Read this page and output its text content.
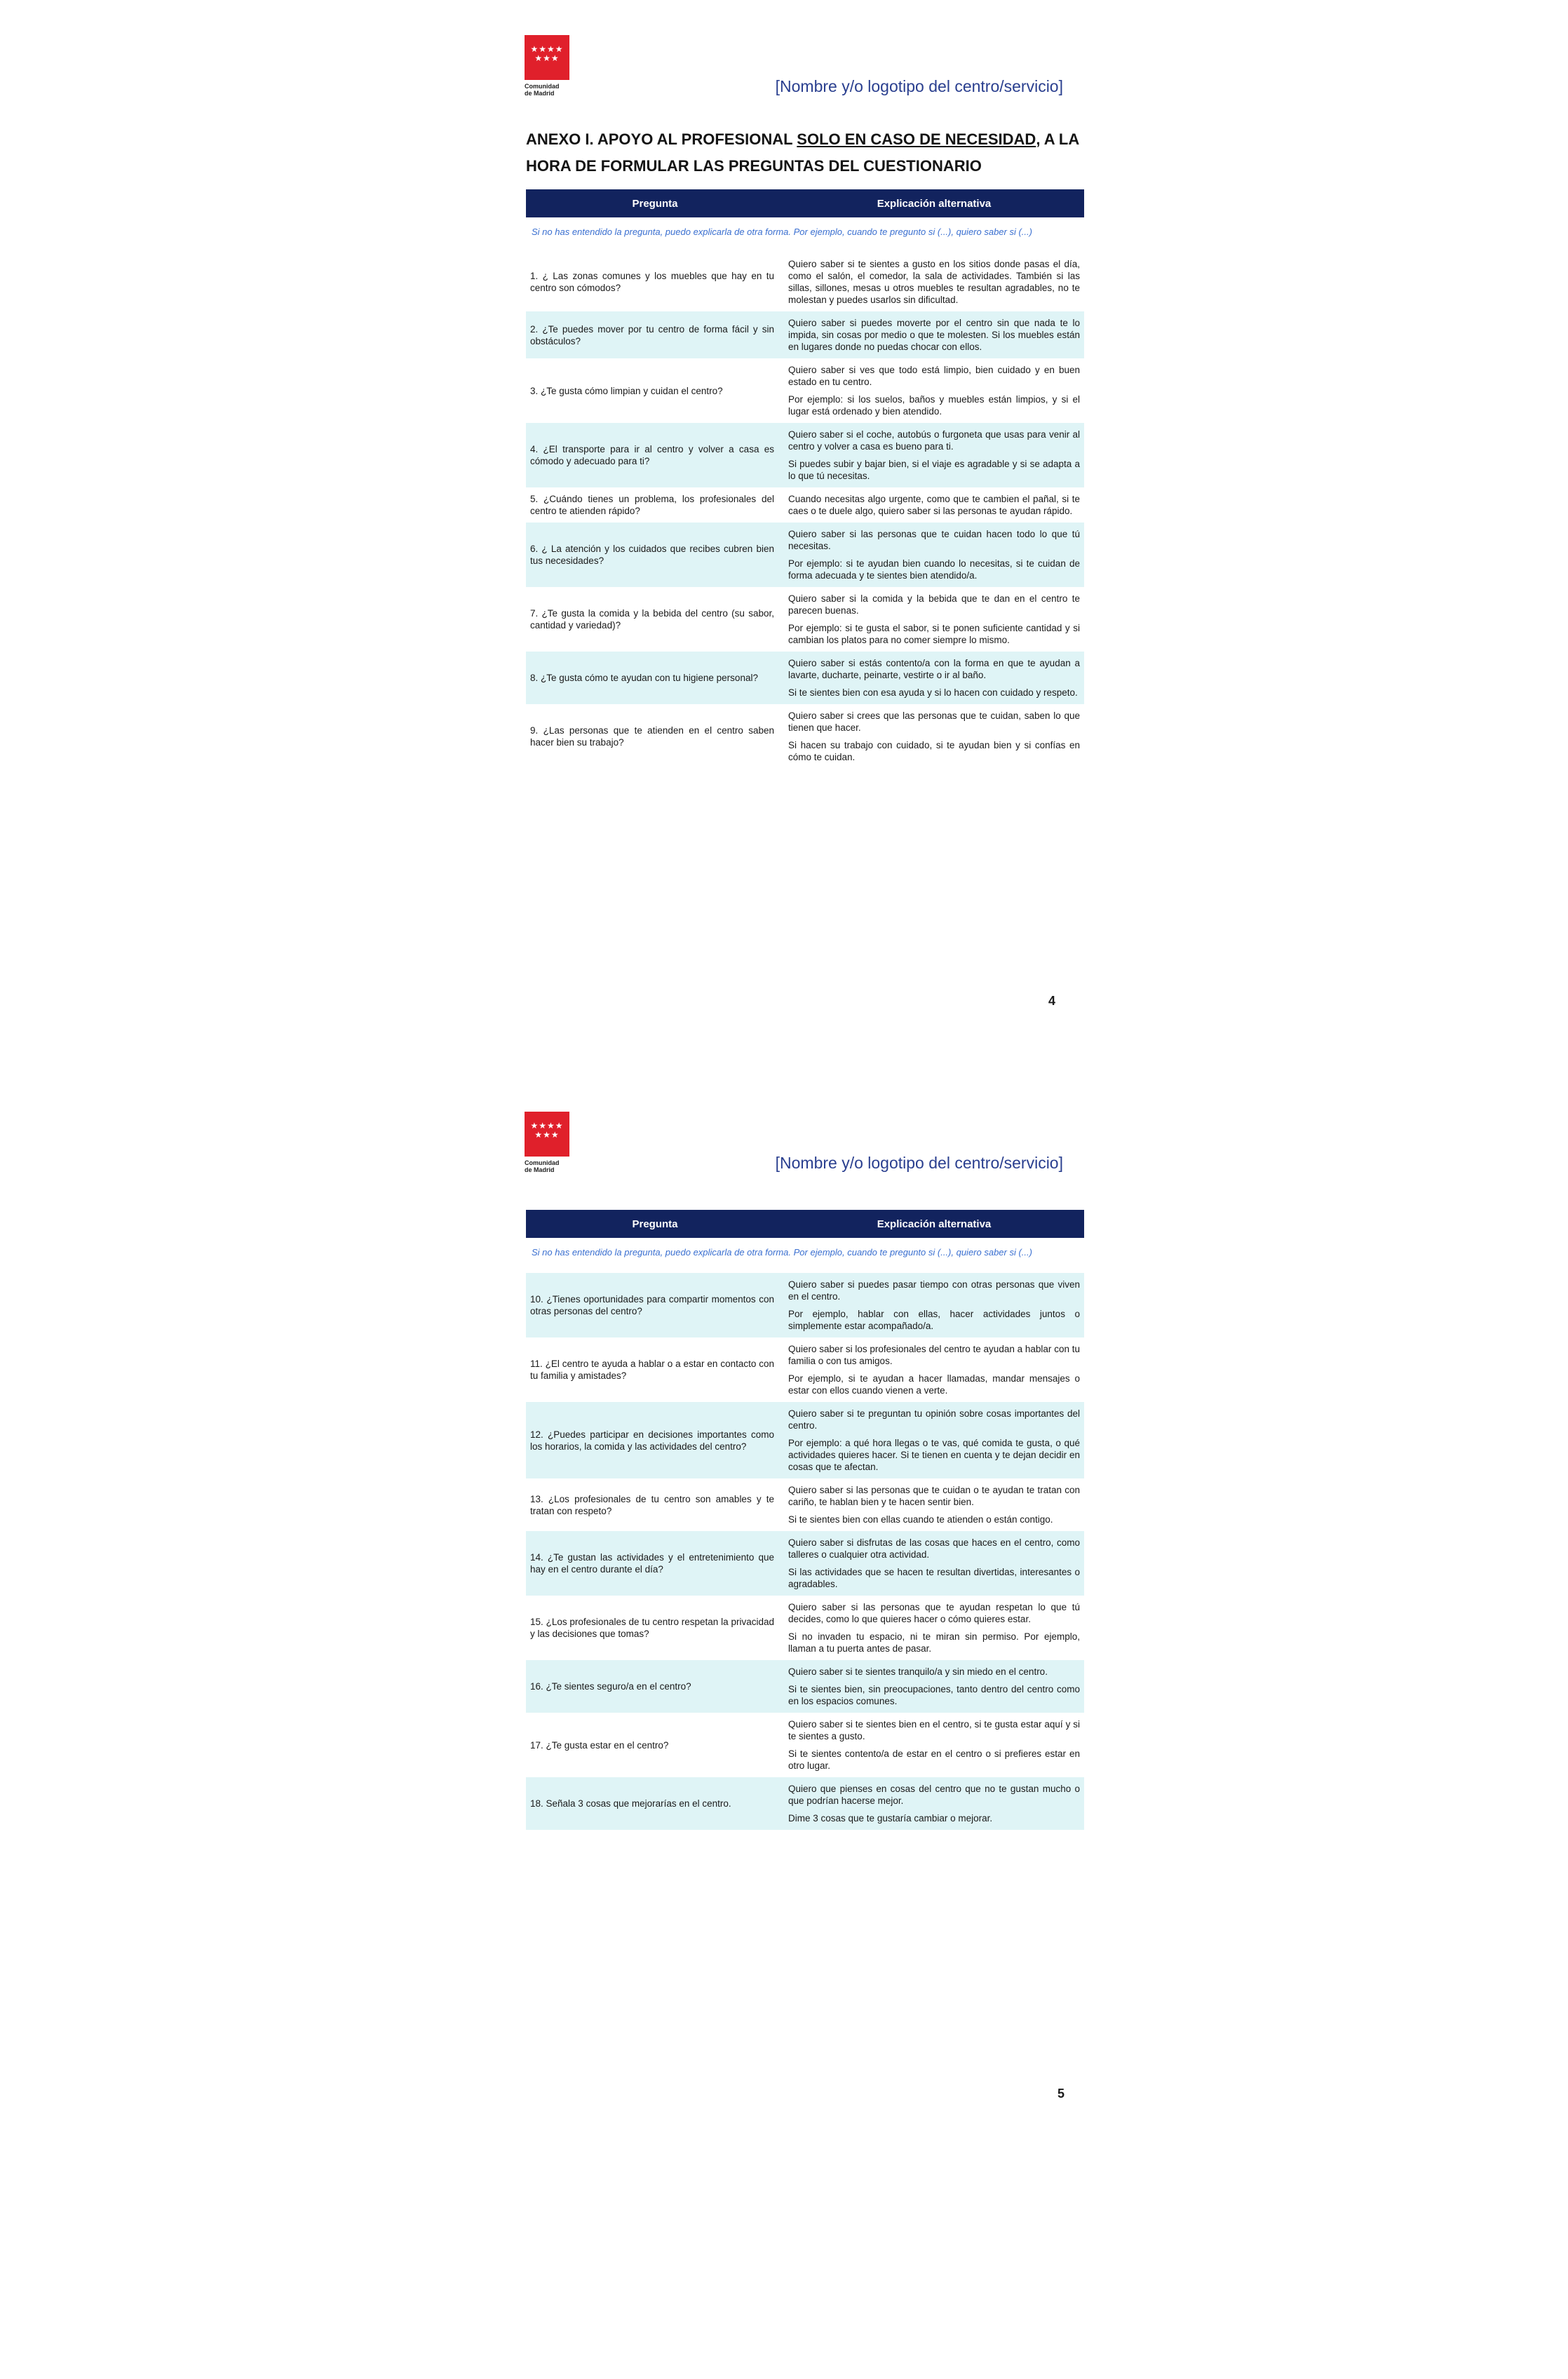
★★★★ ★★★
Comunidad
de Madrid	[Nombre y/o logotipo del centro/servicio]
ANEXO I. APOYO AL PROFESIONAL SOLO EN CASO DE NECESIDAD, A LA HORA DE FORMULAR LAS PREGUNTAS DEL CUESTIONARIO
Pregunta	Explicación alternativa
Si no has entendido la pregunta, puedo explicarla de otra forma. Por ejemplo, cuando te pregunto si (...), quiero saber si (...)	
1. ¿ Las zonas comunes y los muebles que hay en tu centro son cómodos?	Quiero saber si te sientes a gusto en los sitios donde pasas el día, como el salón, el comedor, la sala de actividades. También si las sillas, sillones, mesas u otros muebles te resultan agradables, no te molestan y puedes usarlos sin dificultad.

2. ¿Te puedes mover por tu centro de forma fácil y sin obstáculos?	Quiero saber si puedes moverte por el centro sin que nada te lo impida, sin cosas por medio o que te molesten. Si los muebles están en lugares donde no puedas chocar con ellos.

3. ¿Te gusta cómo limpian y cuidan el centro?	Quiero saber si ves que todo está limpio, bien cuidado y en buen estado en tu centro.

Por ejemplo: si los suelos, baños y muebles están limpios, y si el lugar está ordenado y bien atendido.

4. ¿El transporte para ir al centro y volver a casa es cómodo y adecuado para ti?	Quiero saber si el coche, autobús o furgoneta que usas para venir al centro y volver a casa es bueno para ti.

Si puedes subir y bajar bien, si el viaje es agradable y si se adapta a lo que tú necesitas.

5. ¿Cuándo tienes un problema, los profesionales del centro te atienden rápido?	Cuando necesitas algo urgente, como que te cambien el pañal, si te caes o te duele algo, quiero saber si las personas te ayudan rápido.

6. ¿ La atención y los cuidados que recibes cubren bien tus necesidades?	Quiero saber si las personas que te cuidan hacen todo lo que tú necesitas.

Por ejemplo: si te ayudan bien cuando lo necesitas, si te cuidan de forma adecuada y te sientes bien atendido/a.

7. ¿Te gusta la comida y la bebida del centro (su sabor, cantidad y variedad)?	Quiero saber si la comida y la bebida que te dan en el centro te parecen buenas.

Por ejemplo: si te gusta el sabor, si te ponen suficiente cantidad y si cambian los platos para no comer siempre lo mismo.

8. ¿Te gusta cómo te ayudan con tu higiene personal?	Quiero saber si estás contento/a con la forma en que te ayudan a lavarte, ducharte, peinarte, vestirte o ir al baño.

Si te sientes bien con esa ayuda y si lo hacen con cuidado y respeto.

9. ¿Las personas que te atienden en el centro saben hacer bien su trabajo?	Quiero saber si crees que las personas que te cuidan, saben lo que tienen que hacer.

Si hacen su trabajo con cuidado, si te ayudan bien y si confías en cómo te cuidan.

4
★★★★ ★★★
Comunidad
de Madrid	[Nombre y/o logotipo del centro/servicio]
Pregunta	Explicación alternativa
Si no has entendido la pregunta, puedo explicarla de otra forma. Por ejemplo, cuando te pregunto si (...), quiero saber si (...)	
10. ¿Tienes oportunidades para compartir momentos con otras personas del centro?	Quiero saber si puedes pasar tiempo con otras personas que viven en el centro.

Por ejemplo, hablar con ellas, hacer actividades juntos o simplemente estar acompañado/a.

11. ¿El centro te ayuda a hablar o a estar en contacto con tu familia y amistades?	Quiero saber si los profesionales del centro te ayudan a hablar con tu familia o con tus amigos.

Por ejemplo, si te ayudan a hacer llamadas, mandar mensajes o estar con ellos cuando vienen a verte.

12. ¿Puedes participar en decisiones importantes como los horarios, la comida y las actividades del centro?	Quiero saber si te preguntan tu opinión sobre cosas importantes del centro.

Por ejemplo: a qué hora llegas o te vas, qué comida te gusta, o qué actividades quieres hacer. Si te tienen en cuenta y te dejan decidir en cosas que te afectan.

13. ¿Los profesionales de tu centro son amables y te tratan con respeto?	Quiero saber si las personas que te cuidan o te ayudan te tratan con cariño, te hablan bien y te hacen sentir bien.

Si te sientes bien con ellas cuando te atienden o están contigo.

14. ¿Te gustan las actividades y el entretenimiento que hay en el centro durante el día?	Quiero saber si disfrutas de las cosas que haces en el centro, como talleres o cualquier otra actividad.

Si las actividades que se hacen te resultan divertidas, interesantes o agradables.

15. ¿Los profesionales de tu centro respetan la privacidad y las decisiones que tomas?	Quiero saber si las personas que te ayudan respetan lo que tú decides, como lo que quieres hacer o cómo quieres estar.

Si no invaden tu espacio, ni te miran sin permiso. Por ejemplo, llaman a tu puerta antes de pasar.

16. ¿Te sientes seguro/a en el centro?	Quiero saber si te sientes tranquilo/a y sin miedo en el centro.

Si te sientes bien, sin preocupaciones, tanto dentro del centro como en los espacios comunes.

17. ¿Te gusta estar en el centro?	Quiero saber si te sientes bien en el centro, si te gusta estar aquí y si te sientes a gusto.

Si te sientes contento/a de estar en el centro o si prefieres estar en otro lugar.

18. Señala 3 cosas que mejorarías en el centro.	Quiero que pienses en cosas del centro que no te gustan mucho o que podrían hacerse mejor.

Dime 3 cosas que te gustaría cambiar o mejorar.

5
